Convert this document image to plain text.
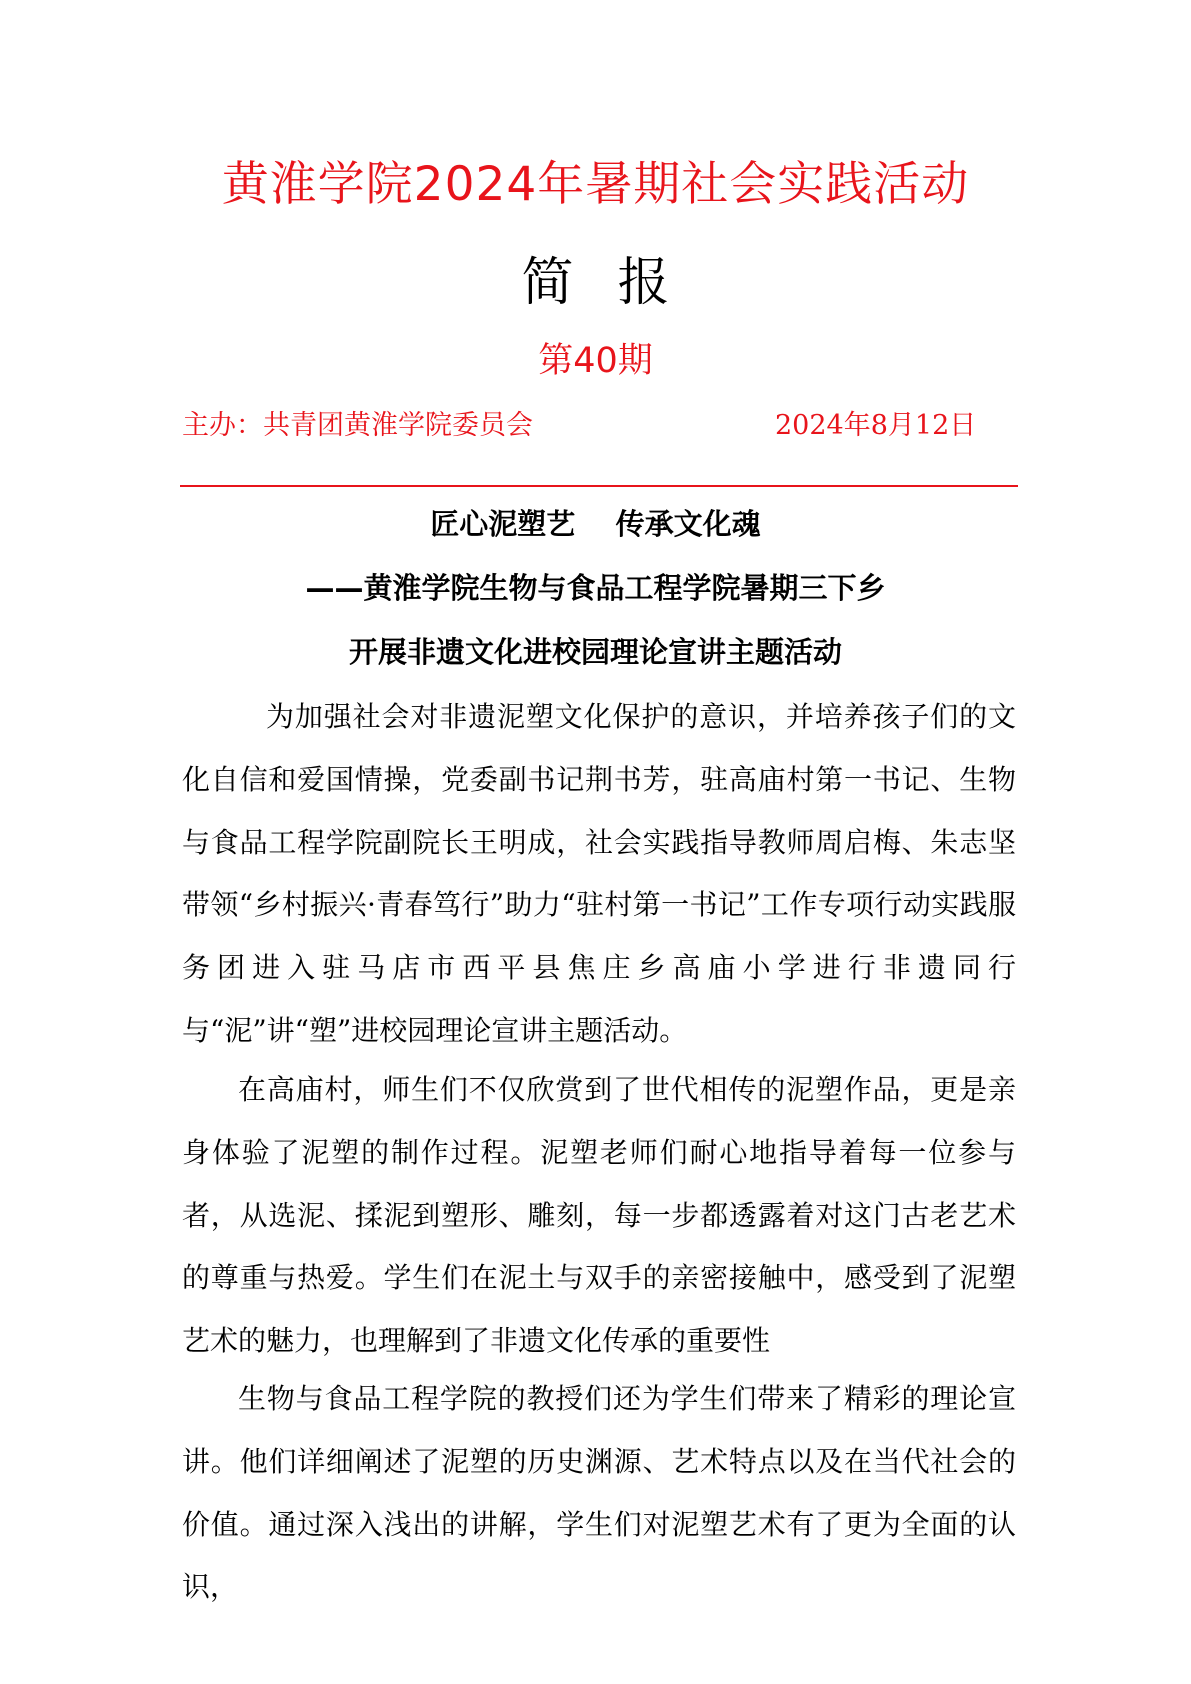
黄淮学院2024年暑期社会实践活动
简报
第40期
主办：共青团黄淮学院委员会	2024年8月12日
匠心泥塑艺    传承文化魂
——黄淮学院生物与食品工程学院暑期三下乡
开展非遗文化进校园理论宣讲主题活动

为加强社会对非遗泥塑文化保护的意识，并培养孩子们的文化自信和爱国情操，党委副书记荆书芳，驻高庙村第一书记、生物与食品工程学院副院长王明成，社会实践指导教师周启梅、朱志坚带领“乡村振兴·青春笃行”助力“驻村第一书记”工作专项行动实践服务团进入驻马店市西平县焦庄乡高庙小学进行非遗同行与“泥”讲“塑”进校园理论宣讲主题活动。

在高庙村，师生们不仅欣赏到了世代相传的泥塑作品，更是亲身体验了泥塑的制作过程。泥塑老师们耐心地指导着每一位参与者，从选泥、揉泥到塑形、雕刻，每一步都透露着对这门古老艺术的尊重与热爱。学生们在泥土与双手的亲密接触中，感受到了泥塑艺术的魅力，也理解到了非遗文化传承的重要性

生物与食品工程学院的教授们还为学生们带来了精彩的理论宣讲。他们详细阐述了泥塑的历史渊源、艺术特点以及在当代社会的价值。通过深入浅出的讲解，学生们对泥塑艺术有了更为全面的认识，
